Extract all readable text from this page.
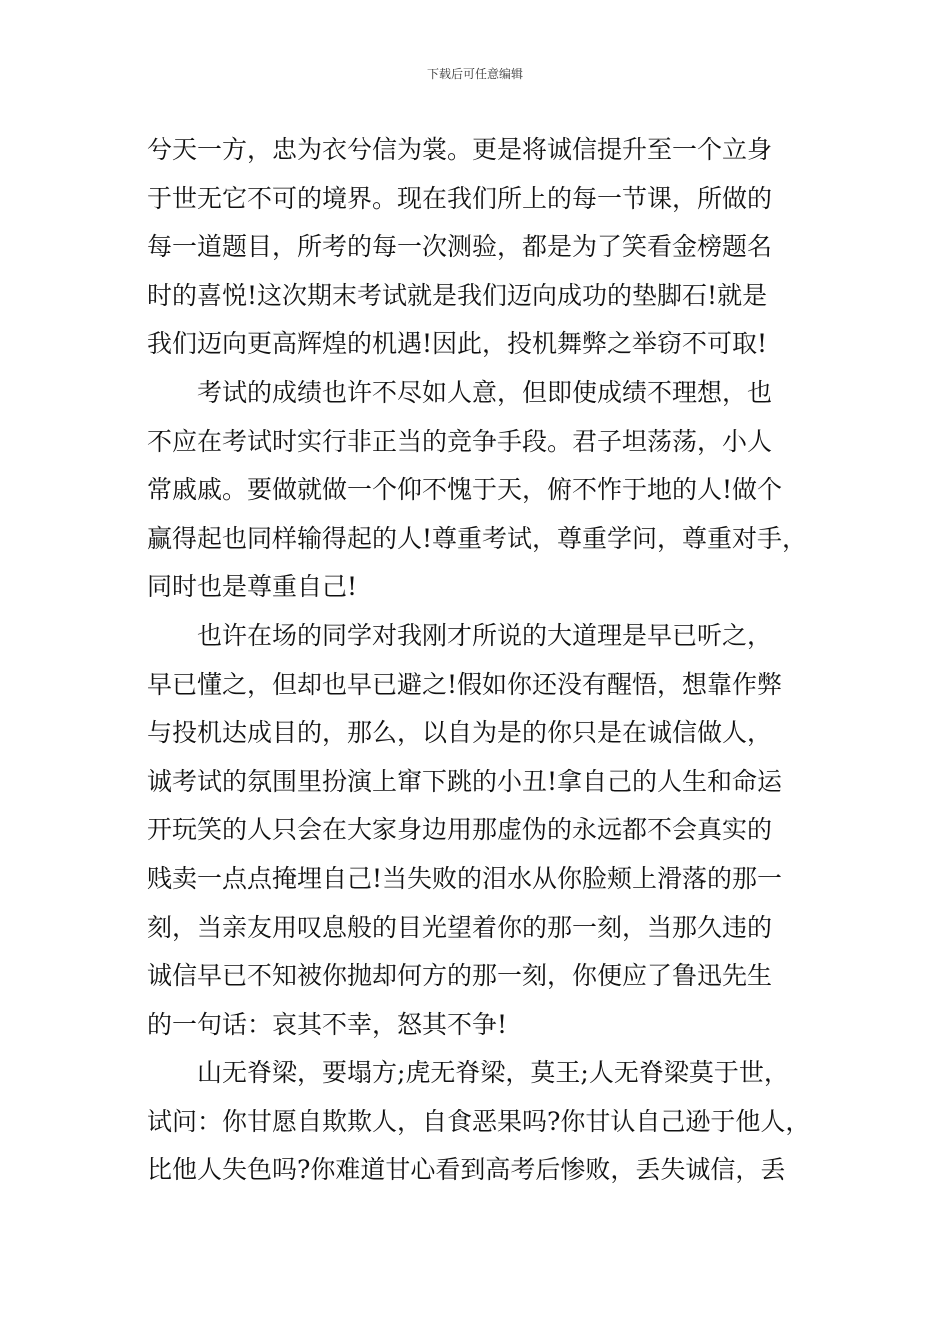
下载后可任意编辑
兮天一方，忠为衣兮信为裳。更是将诚信提升至一个立身
于世无它不可的境界。现在我们所上的每一节课，所做的
每一道题目，所考的每一次测验，都是为了笑看金榜题名
时的喜悦!这次期末考试就是我们迈向成功的垫脚石!就是
我们迈向更高辉煌的机遇!因此，投机舞弊之举窃不可取!
考试的成绩也许不尽如人意，但即使成绩不理想，也
不应在考试时实行非正当的竞争手段。君子坦荡荡，小人
常戚戚。要做就做一个仰不愧于天，俯不怍于地的人!做个
赢得起也同样输得起的人!尊重考试，尊重学问，尊重对手，
同时也是尊重自己!
也许在场的同学对我刚才所说的大道理是早已听之，
早已懂之，但却也早已避之!假如你还没有醒悟，想靠作弊
与投机达成目的，那么，以自为是的你只是在诚信做人，
诚考试的氛围里扮演上窜下跳的小丑!拿自己的人生和命运
开玩笑的人只会在大家身边用那虚伪的永远都不会真实的
贱卖一点点掩埋自己!当失败的泪水从你脸颊上滑落的那一
刻，当亲友用叹息般的目光望着你的那一刻，当那久违的
诚信早已不知被你抛却何方的那一刻，你便应了鲁迅先生
的一句话：哀其不幸，怒其不争!
山无脊梁，要塌方;虎无脊梁，莫王;人无脊梁莫于世，
试问：你甘愿自欺欺人，自食恶果吗?你甘认自己逊于他人，
比他人失色吗?你难道甘心看到高考后惨败，丢失诚信，丢
